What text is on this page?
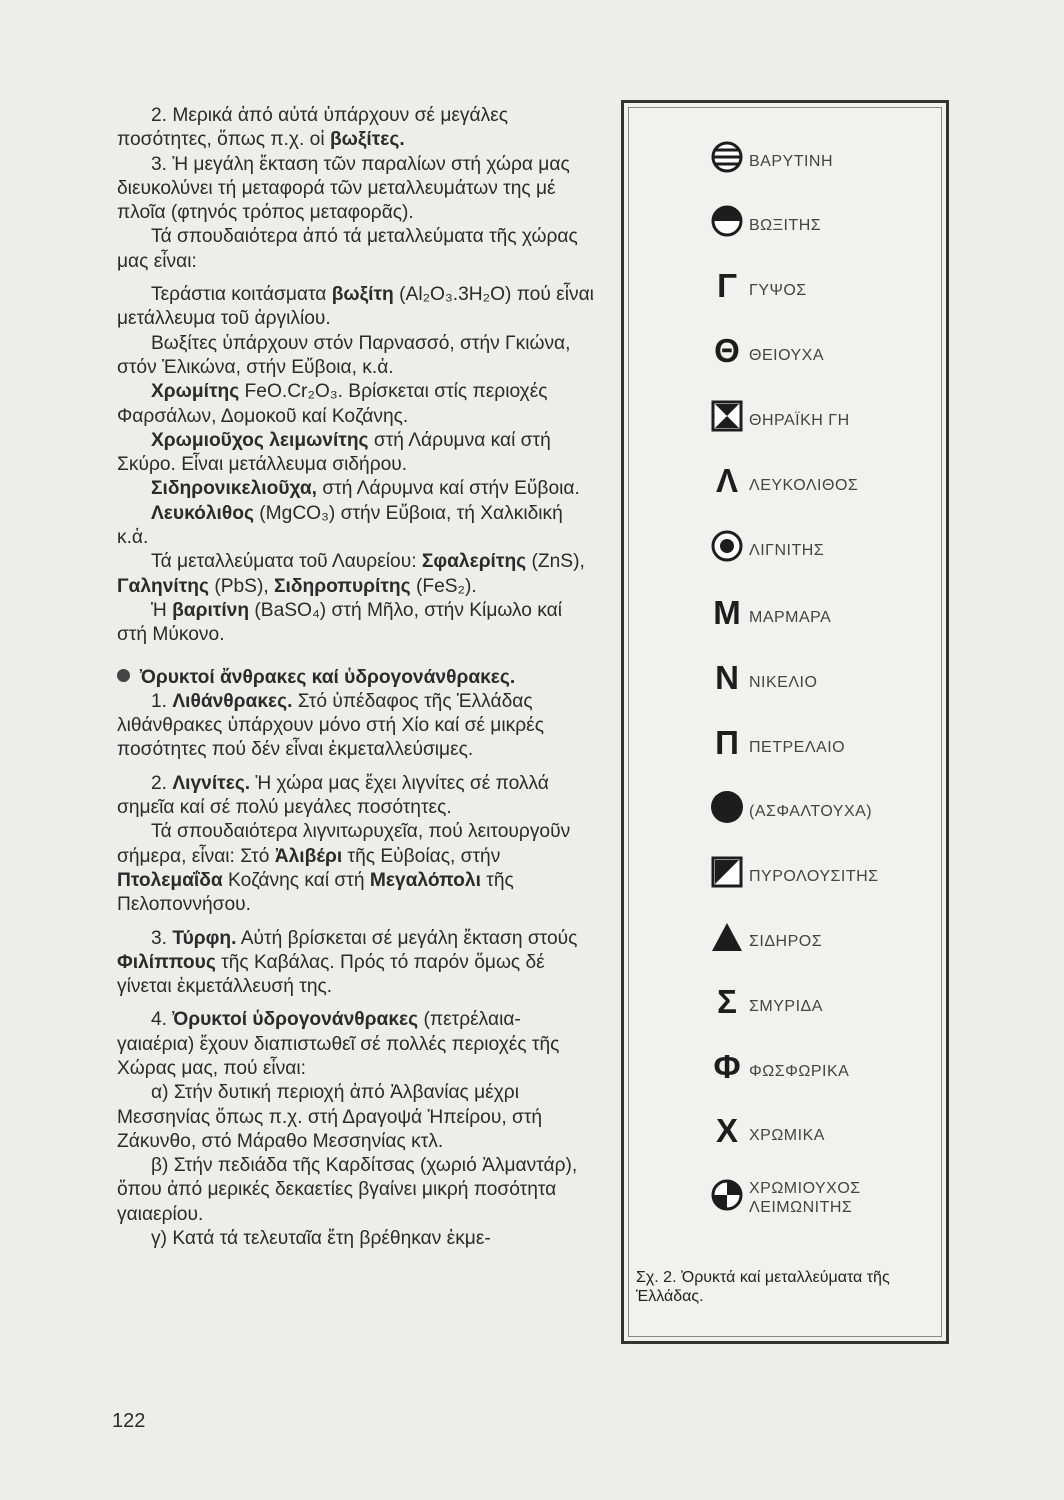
2. Μερικά ἀπό αὐτά ὑπάρχουν σέ μεγάλες ποσότητες, ὅπως π.χ. οἱ βωξίτες.

3. Ἡ μεγάλη ἔκταση τῶν παραλίων στή χώρα μας διευκολύνει τή μεταφορά τῶν μεταλλευμάτων της μέ πλοῖα (φτηνός τρόπος μεταφορᾶς).

Τά σπουδαιότερα ἀπό τά μεταλλεύματα τῆς χώρας μας εἶναι:

Τεράστια κοιτάσματα βωξίτη (Al₂O₃.3H₂O) πού εἶναι μετάλλευμα τοῦ ἀργιλίου.

Βωξίτες ὑπάρχουν στόν Παρνασσό, στήν Γκιώνα, στόν Ἑλικώνα, στήν Εὔβοια, κ.ἀ.

Χρωμίτης FeO.Cr₂O₃. Βρίσκεται στίς περιοχές Φαρσάλων, Δομοκοῦ καί Κοζάνης.

Χρωμιοῦχος λειμωνίτης στή Λάρυμνα καί στή Σκύρο. Εἶναι μετάλλευμα σιδήρου.

Σιδηρονικελιοῦχα, στή Λάρυμνα καί στήν Εὔβοια.

Λευκόλιθος (MgCO₃) στήν Εὔβοια, τή Χαλκιδική κ.ἀ.

Τά μεταλλεύματα τοῦ Λαυρείου: Σφαλερίτης (ZnS), Γαληνίτης (PbS), Σιδηροπυρίτης (FeS₂).

Ἡ βαριτίνη (BaSO₄) στή Μῆλο, στήν Κίμωλο καί στή Μύκονο.

Ὀρυκτοί ἄνθρακες καί ὑδρογονάνθρακες.

1. Λιθάνθρακες. Στό ὑπέδαφος τῆς Ἑλλάδας λιθάνθρακες ὑπάρχουν μόνο στή Χίο καί σέ μικρές ποσότητες πού δέν εἶναι ἐκμεταλλεύσιμες.

2. Λιγνίτες. Ἡ χώρα μας ἔχει λιγνίτες σέ πολλά σημεῖα καί σέ πολύ μεγάλες ποσότητες.

Τά σπουδαιότερα λιγνιτωρυχεῖα, πού λειτουργοῦν σήμερα, εἶναι: Στό Ἀλιβέρι τῆς Εὐβοίας, στήν Πτολεμαΐδα Κοζάνης καί στή Μεγαλόπολι τῆς Πελοποννήσου.

3. Τύρφη. Αὐτή βρίσκεται σέ μεγάλη ἔκταση στούς Φιλίππους τῆς Καβάλας. Πρός τό παρόν ὅμως δέ γίνεται ἐκμετάλλευσή της.

4. Ὀρυκτοί ὑδρογονάνθρακες (πετρέλαια-γαιαέρια) ἔχουν διαπιστωθεῖ σέ πολλές περιοχές τῆς Χώρας μας, πού εἶναι:

α) Στήν δυτική περιοχή ἀπό Ἀλβανίας μέχρι Μεσσηνίας ὅπως π.χ. στή Δραγοψά Ἠπείρου, στή Ζάκυνθο, στό Μάραθο Μεσσηνίας κτλ.

β) Στήν πεδιάδα τῆς Καρδίτσας (χωριό Ἀλμαντάρ), ὅπου ἀπό μερικές δεκαετίες βγαίνει μικρή ποσότητα γαιαερίου.

γ) Κατά τά τελευταῖα ἔτη βρέθηκαν ἐκμε-

122
ΒΑΡΥΤΙΝΗ
ΒΩΞΙΤΗΣ
Γ ΓΥΨΟΣ
Θ ΘΕΙΟΥΧΑ
ΘΗΡΑΪΚΗ ΓΗ
Λ ΛΕΥΚΟΛΙΘΟΣ
ΛΙΓΝΙΤΗΣ
M ΜΑΡΜΑΡΑ
N ΝΙΚΕΛΙΟ
Π ΠΕΤΡΕΛΑΙΟ
(ΑΣΦΑΛΤΟΥΧΑ)
ΠΥΡΟΛΟΥΣΙΤΗΣ
ΣΙΔΗΡΟΣ
Σ ΣΜΥΡΙΔΑ
Φ ΦΩΣΦΩΡΙΚΑ
X ΧΡΩΜΙΚΑ
ΧΡΩΜΙΟΥΧΟΣ ΛΕΙΜΩΝΙΤΗΣ
Σχ. 2. Ὀρυκτά καί μεταλλεύματα τῆς Ἑλλάδας.
